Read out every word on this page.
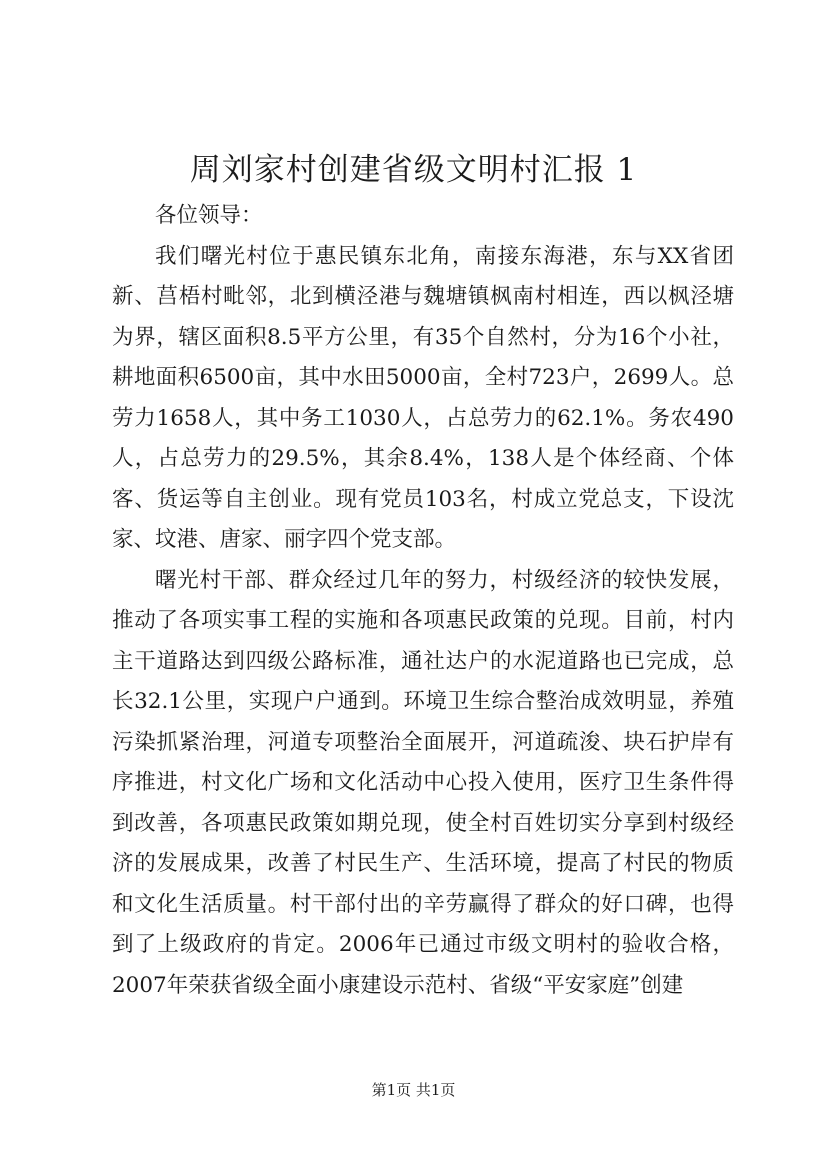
周刘家村创建省级文明村汇报 1

各位领导：

我们曙光村位于惠民镇东北角，南接东海港，东与XX省团新、莒梧村毗邻，北到横泾港与魏塘镇枫南村相连，西以枫泾塘为界，辖区面积8.5平方公里，有35个自然村，分为16个小社，耕地面积6500亩，其中水田5000亩，全村723户，2699人。总劳力1658人，其中务工1030人，占总劳力的62.1%。务农490人，占总劳力的29.5%，其余8.4%，138人是个体经商、个体客、货运等自主创业。现有党员103名，村成立党总支，下设沈家、坟港、唐家、丽字四个党支部。

曙光村干部、群众经过几年的努力，村级经济的较快发展，推动了各项实事工程的实施和各项惠民政策的兑现。目前，村内主干道路达到四级公路标准，通社达户的水泥道路也已完成，总长32.1公里，实现户户通到。环境卫生综合整治成效明显，养殖污染抓紧治理，河道专项整治全面展开，河道疏浚、块石护岸有序推进，村文化广场和文化活动中心投入使用，医疗卫生条件得到改善，各项惠民政策如期兑现，使全村百姓切实分享到村级经济的发展成果，改善了村民生产、生活环境，提高了村民的物质和文化生活质量。村干部付出的辛劳赢得了群众的好口碑，也得到了上级政府的肯定。2006年已通过市级文明村的验收合格，2007年荣获省级全面小康建设示范村、省级“平安家庭”创建

第1页 共1页
